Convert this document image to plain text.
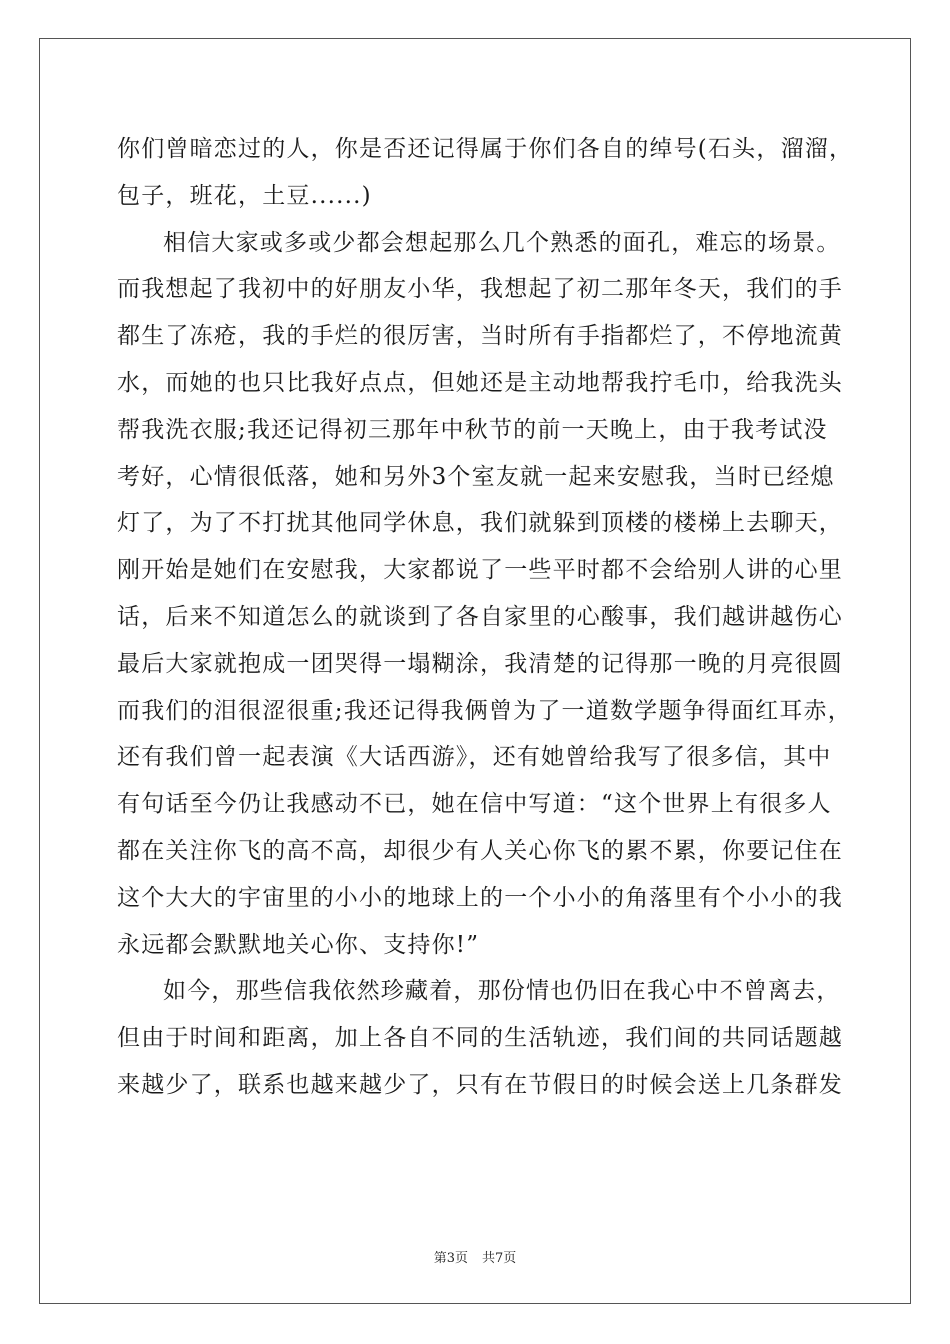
你们曾暗恋过的人，你是否还记得属于你们各自的绰号(石头，溜溜，
包子，班花，土豆......)
相信大家或多或少都会想起那么几个熟悉的面孔，难忘的场景。
而我想起了我初中的好朋友小华，我想起了初二那年冬天，我们的手
都生了冻疮，我的手烂的很厉害，当时所有手指都烂了，不停地流黄
水，而她的也只比我好点点，但她还是主动地帮我拧毛巾，给我洗头
帮我洗衣服;我还记得初三那年中秋节的前一天晚上，由于我考试没
考好，心情很低落，她和另外3个室友就一起来安慰我，当时已经熄
灯了，为了不打扰其他同学休息，我们就躲到顶楼的楼梯上去聊天，
刚开始是她们在安慰我，大家都说了一些平时都不会给别人讲的心里
话，后来不知道怎么的就谈到了各自家里的心酸事，我们越讲越伤心
最后大家就抱成一团哭得一塌糊涂，我清楚的记得那一晚的月亮很圆
而我们的泪很涩很重;我还记得我俩曾为了一道数学题争得面红耳赤，
还有我们曾一起表演《大话西游》，还有她曾给我写了很多信，其中
有句话至今仍让我感动不已，她在信中写道：“这个世界上有很多人
都在关注你飞的高不高，却很少有人关心你飞的累不累，你要记住在
这个大大的宇宙里的小小的地球上的一个小小的角落里有个小小的我
永远都会默默地关心你、支持你!”
如今，那些信我依然珍藏着，那份情也仍旧在我心中不曾离去，
但由于时间和距离，加上各自不同的生活轨迹，我们间的共同话题越
来越少了，联系也越来越少了，只有在节假日的时候会送上几条群发
第3页 共7页
